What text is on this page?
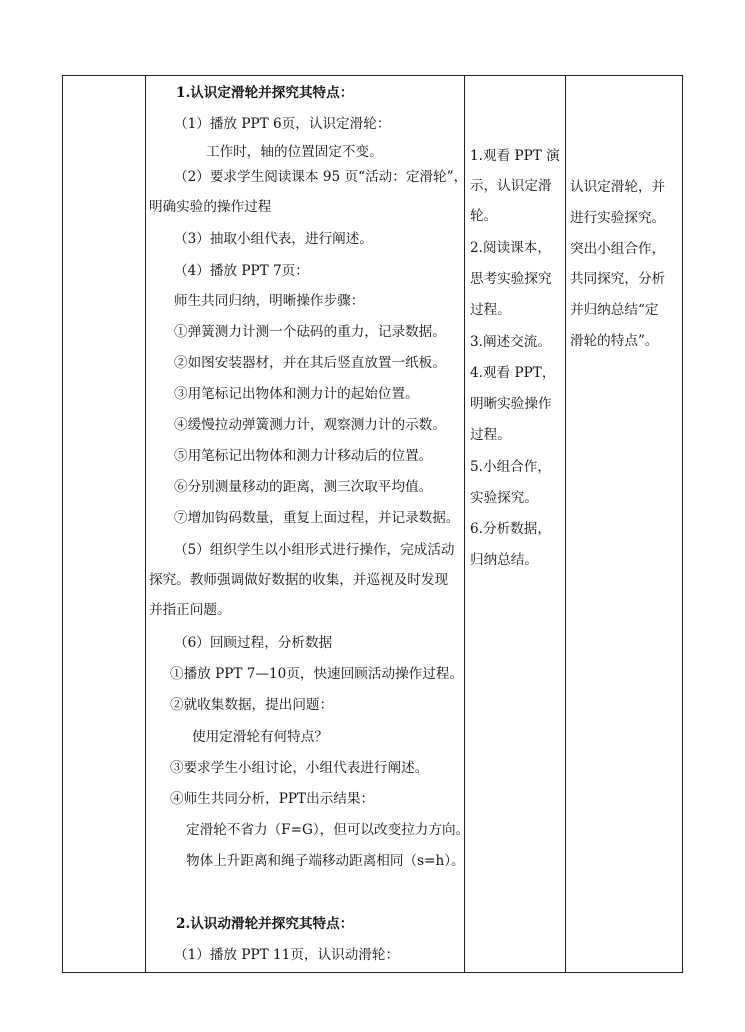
1.认识定滑轮并探究其特点：
（1）播放 PPT 6页，认识定滑轮：
工作时，轴的位置固定不变。
（2）要求学生阅读课本 95 页“活动：定滑轮”，
明确实验的操作过程
（3）抽取小组代表，进行阐述。
（4）播放 PPT 7页：
师生共同归纳，明晰操作步骤：
①弹簧测力计测一个砝码的重力，记录数据。
②如图安装器材，并在其后竖直放置一纸板。
③用笔标记出物体和测力计的起始位置。
④缓慢拉动弹簧测力计，观察测力计的示数。
⑤用笔标记出物体和测力计移动后的位置。
⑥分别测量移动的距离，测三次取平均值。
⑦增加钩码数量，重复上面过程，并记录数据。
（5）组织学生以小组形式进行操作，完成活动
探究。教师强调做好数据的收集，并巡视及时发现
并指正问题。
（6）回顾过程，分析数据
①播放 PPT 7—10页，快速回顾活动操作过程。
②就收集数据，提出问题：
使用定滑轮有何特点？
③要求学生小组讨论，小组代表进行阐述。
④师生共同分析，PPT出示结果：
定滑轮不省力（F=G），但可以改变拉力方向。
物体上升距离和绳子端移动距离相同（s=h）。
2.认识动滑轮并探究其特点：
（1）播放 PPT 11页，认识动滑轮：
1.观看 PPT 演
示，认识定滑
轮。
2.阅读课本，
思考实验探究
过程。
3.阐述交流。
4.观看 PPT，
明晰实验操作
过程。
5.小组合作，
实验探究。
6.分析数据，
归纳总结。
认识定滑轮，并
进行实验探究。
突出小组合作，
共同探究，分析
并归纳总结“定
滑轮的特点”。
